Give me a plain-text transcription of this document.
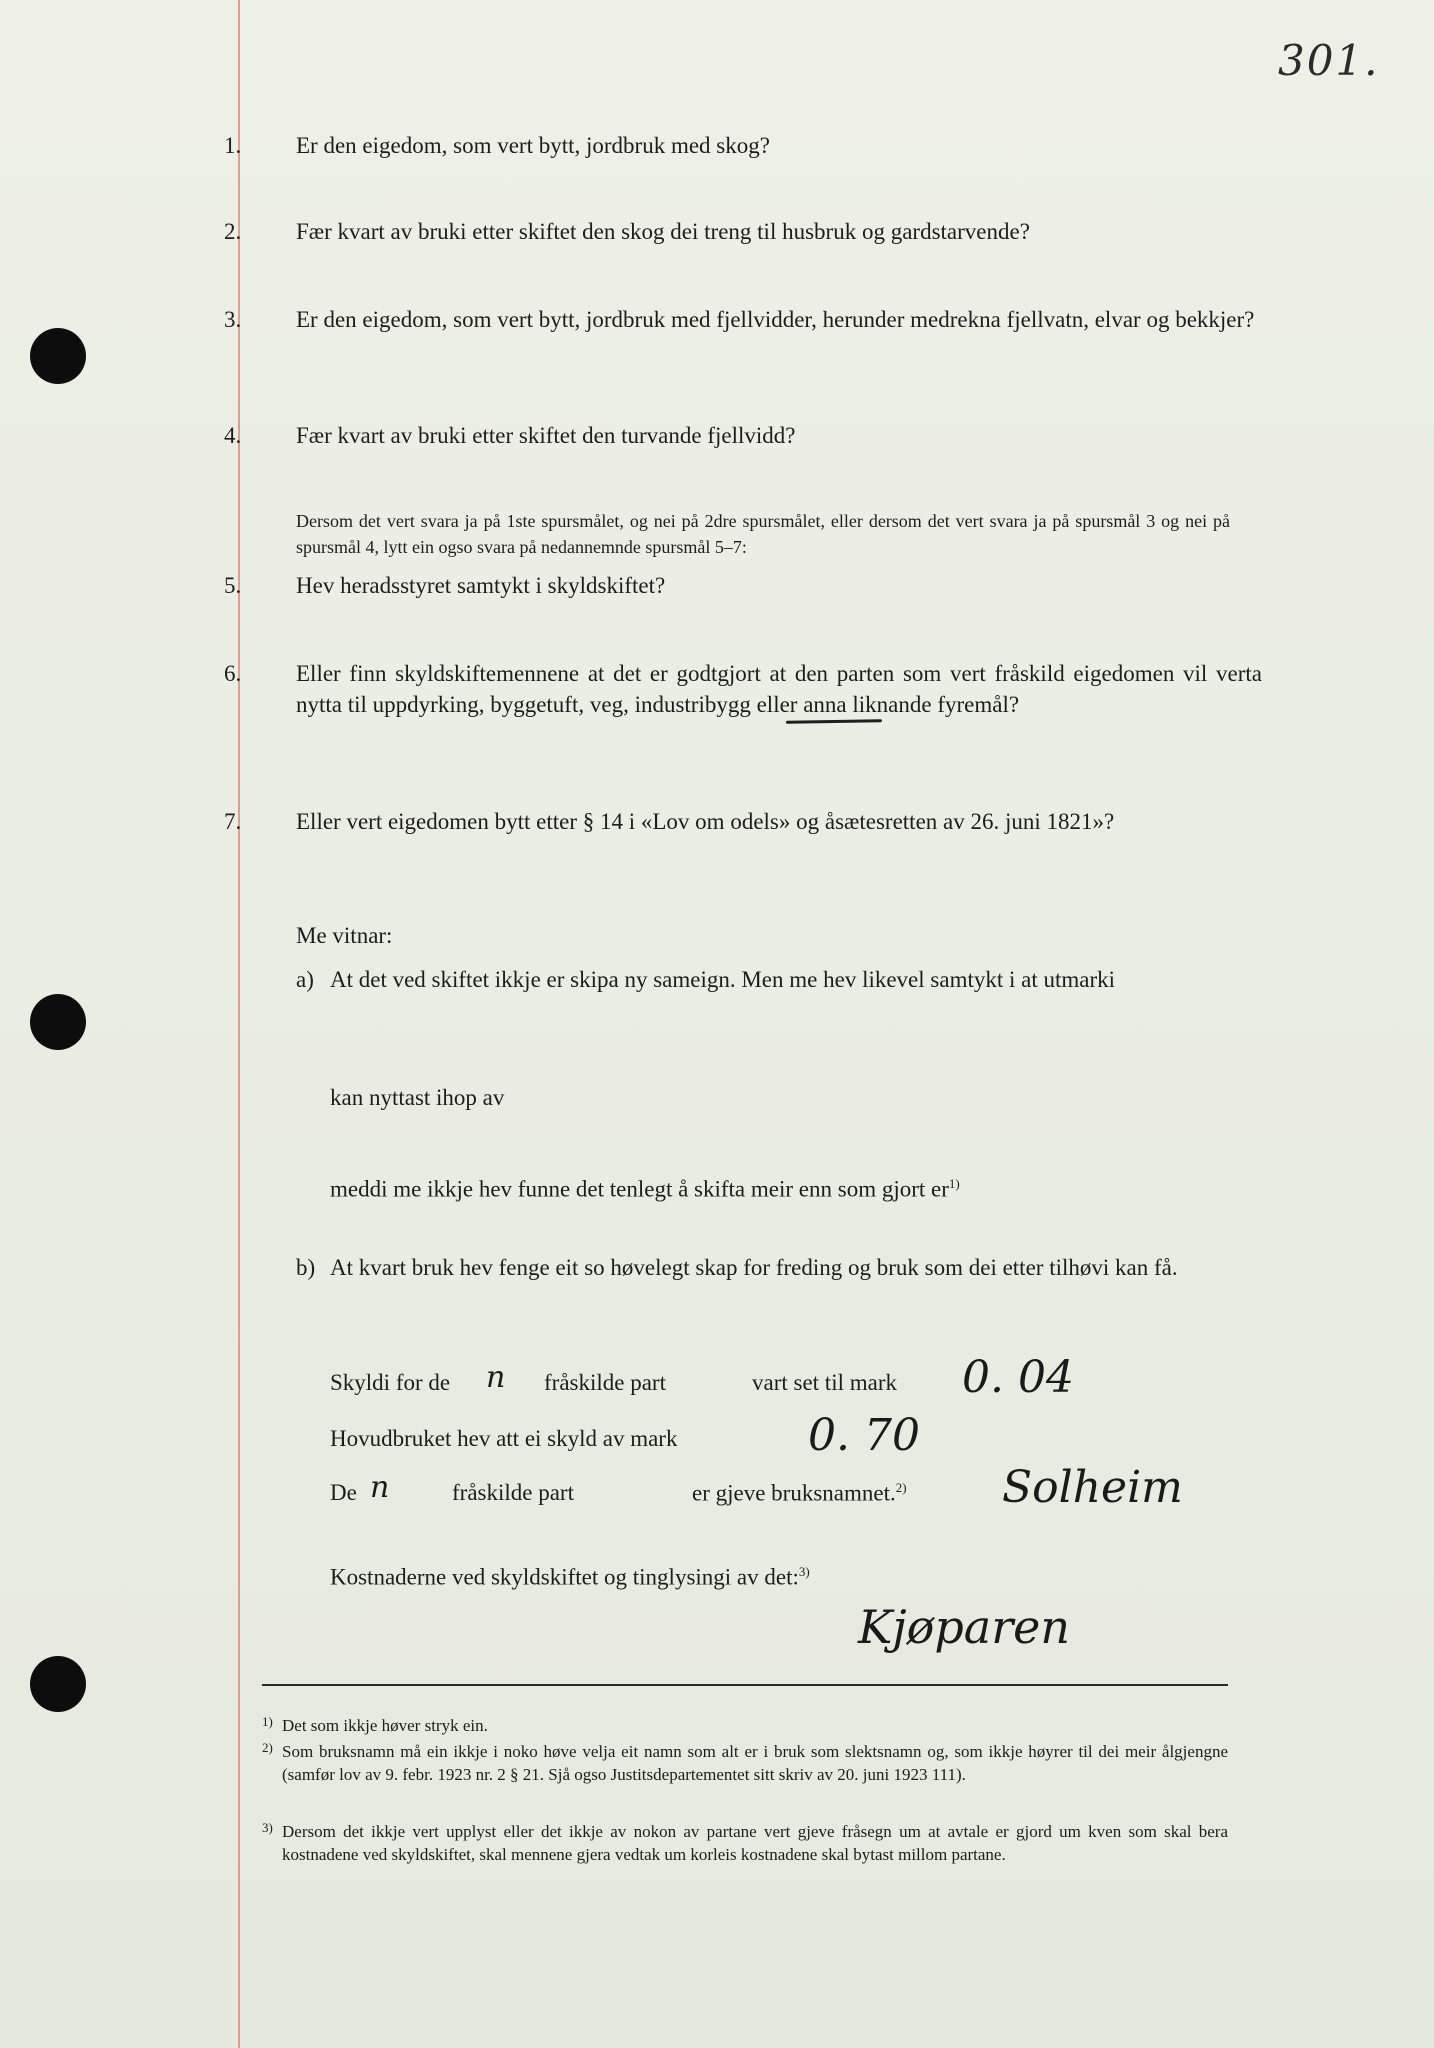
301.
1. Er den eigedom, som vert bytt, jordbruk med skog?
2. Fær kvart av bruki etter skiftet den skog dei treng til husbruk og gardstarvende?
3. Er den eigedom, som vert bytt, jordbruk med fjellvidder, herunder medrekna fjellvatn, elvar og bekkjer?
4. Fær kvart av bruki etter skiftet den turvande fjellvidd?
Dersom det vert svara ja på 1ste spursmålet, og nei på 2dre spursmålet, eller dersom det vert svara ja på spursmål 3 og nei på spursmål 4, lytt ein ogso svara på nedannemnde spursmål 5–7:
5. Hev heradsstyret samtykt i skyldskiftet?
6. Eller finn skyldskiftemennene at det er godtgjort at den parten som vert fråskild eigedomen vil verta nytta til uppdyrking, byggetuft, veg, industribygg eller anna liknande fyremål?
7. Eller vert eigedomen bytt etter § 14 i «Lov om odels» og åsætesretten av 26. juni 1821»?
Me vitnar:
a) At det ved skiftet ikkje er skipa ny sameign. Men me hev likevel samtykt i at utmarki
kan nyttast ihop av
meddi me ikkje hev funne det tenlegt å skifta meir enn som gjort $er^{1)}$
b) At kvart bruk hev fenge eit so høvelegt skap for freding og bruk som dei etter tilhøvi kan få.
Skyldi for de n fråskilde part	vart set til mark 0. 04
Hovudbruket hev att ei skyld av mark	0. 70
De n	fråskilde part	er gjeve bruksnamnet.$^{2)}$ Solheim
Kostnaderne ved skyldskiftet og tinglysingi av det:$^{3)}$
Kjøparen
1) Det som ikkje høver stryk ein.
2) Som bruksnamn må ein ikkje i noko høve velja eit namn som alt er i bruk som slektsnamn og, som ikkje høyrer til dei meir ålgjengne (samfør lov av 9. febr. 1923 nr. 2 § 21. Sjå ogso Justitsdepartementet sitt skriv av 20. juni 1923 111).
3) Dersom det ikkje vert upplyst eller det ikkje av nokon av partane vert gjeve fråsegn um at avtale er gjord um kven som skal bera kostnadene ved skyldskiftet, skal mennene gjera vedtak um korleis kostnadene skal bytast millom partane.
